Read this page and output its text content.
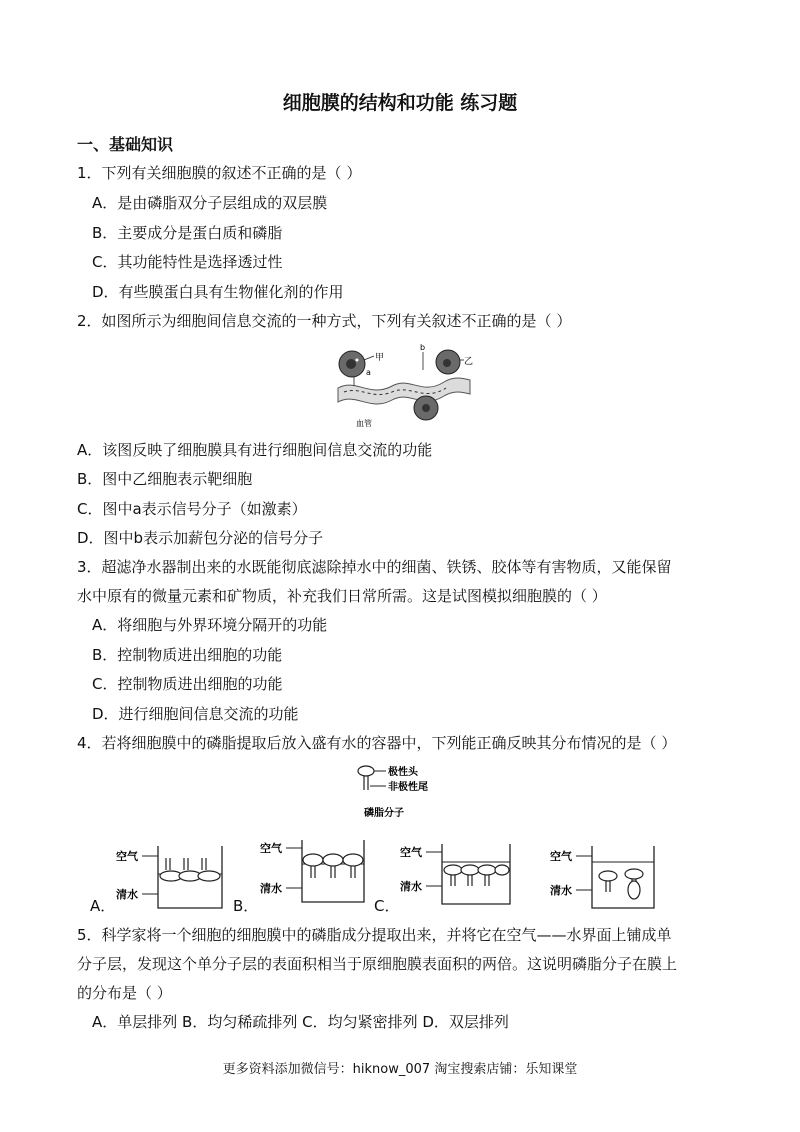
细胞膜的结构和功能 练习题
一、基础知识
1．下列有关细胞膜的叙述不正确的是（ ）
A．是由磷脂双分子层组成的双层膜
B．主要成分是蛋白质和磷脂
C．其功能特性是选择透过性
D．有些膜蛋白具有生物催化剂的作用
2．如图所示为细胞间信息交流的一种方式，下列有关叙述不正确的是（ ）
甲
a
乙
b
血管
A．该图反映了细胞膜具有进行细胞间信息交流的功能
B．图中乙细胞表示靶细胞
C．图中a表示信号分子（如激素）
D．图中b表示加薪包分泌的信号分子
3．超滤净水器制出来的水既能彻底滤除掉水中的细菌、铁锈、胶体等有害物质，又能保留
水中原有的微量元素和矿物质，补充我们日常所需。这是试图模拟细胞膜的（ ）
A．将细胞与外界环境分隔开的功能
B．控制物质进出细胞的功能
C．控制物质进出细胞的功能
D．进行细胞间信息交流的功能
4．若将细胞膜中的磷脂提取后放入盛有水的容器中，下列能正确反映其分布情况的是（ ）
极性头
非极性尾
磷脂分子
A．
空气
清水
B．
空气
清水
C．
空气
清水
空气
清水
5．科学家将一个细胞的细胞膜中的磷脂成分提取出来，并将它在空气——水界面上铺成单
分子层，发现这个单分子层的表面积相当于原细胞膜表面积的两倍。这说明磷脂分子在膜上
的分布是（ ）
A．单层排列 B．均匀稀疏排列 C．均匀紧密排列 D．双层排列
更多资料添加微信号：hiknow_007 淘宝搜索店铺：乐知课堂
